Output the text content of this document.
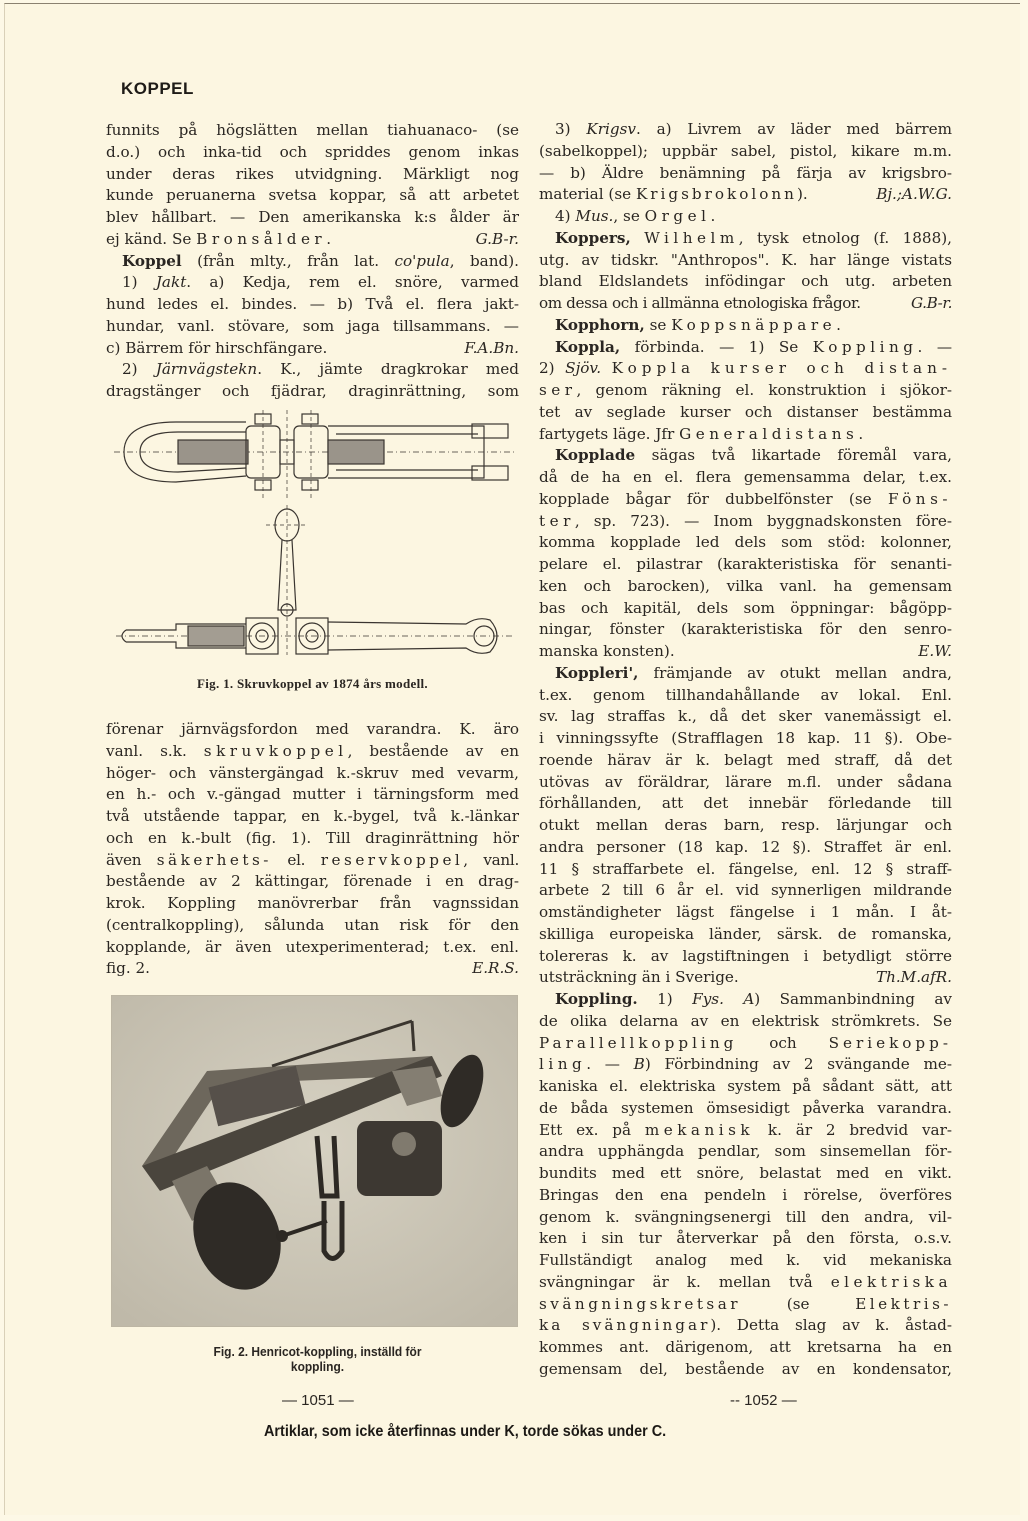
KOPPEL
funnits på högslätten mellan tiahuanaco- (se
d.o.) och inka-tid och spriddes genom inkas
under deras rikes utvidgning. Märkligt nog
kunde peruanerna svetsa koppar, så att arbetet
blev hållbart. — Den amerikanska k:s ålder är
ej känd. Se Bronsålder.	G.B-r.
Koppel (från mlty., från lat. co'pula, band).
1) Jakt. a) Kedja, rem el. snöre, varmed
hund ledes el. bindes. — b) Två el. flera jakt-
hundar, vanl. stövare, som jaga tillsammans. —
c) Bärrem för hirschfängare.	F.A.Bn.
2) Järnvägstekn. K., jämte dragkrokar med
dragstänger och fjädrar, draginrättning, som
Fig. 1. Skruvkoppel av 1874 års modell.
förenar järnvägsfordon med varandra. K. äro
vanl. s.k. skruvkoppel, bestående av en
höger- och vänstergängad k.-skruv med vevarm,
en h.- och v.-gängad mutter i tärningsform med
två utstående tappar, en k.-bygel, två k.-länkar
och en k.-bult (fig. 1). Till draginrättning hör
även säkerhets- el. reservkoppel, vanl.
bestående av 2 kättingar, förenade i en drag-
krok. Koppling manövrerbar från vagnssidan
(centralkoppling), sålunda utan risk för den
kopplande, är även utexperimenterad; t.ex. enl.
fig. 2.	E.R.S.
Fig. 2. Henricot-koppling, inställd för
koppling.
3) Krigsv. a) Livrem av läder med bärrem
(sabelkoppel); uppbär sabel, pistol, kikare m.m.
— b) Äldre benämning på färja av krigsbro-
material (se Krigsbrokolonn).	Bj.;A.W.G.
4) Mus., se Orgel.
Koppers, Wilhelm, tysk etnolog (f. 1888),
utg. av tidskr. "Anthropos". K. har länge vistats
bland Eldslandets infödingar och utg. arbeten
om dessa och i allmänna etnologiska frågor.	G.B-r.
Kopphorn, se Koppsnäppare.
Koppla, förbinda. — 1) Se Koppling. —
2) Sjöv. Koppla kurser och distan-
ser, genom räkning el. konstruktion i sjökor-
tet av seglade kurser och distanser bestämma
fartygets läge. Jfr Generaldistans.
Kopplade sägas två likartade föremål vara,
då de ha en el. flera gemensamma delar, t.ex.
kopplade bågar för dubbelfönster (se Föns-
ter, sp. 723). — Inom byggnadskonsten före-
komma kopplade led dels som stöd: kolonner,
pelare el. pilastrar (karakteristiska för senanti-
ken och barocken), vilka vanl. ha gemensam
bas och kapitäl, dels som öppningar: bågöpp-
ningar, fönster (karakteristiska för den senro-
manska konsten).	E.W.
Koppleri', främjande av otukt mellan andra,
t.ex. genom tillhandahållande av lokal. Enl.
sv. lag straffas k., då det sker vanemässigt el.
i vinningssyfte (Strafflagen 18 kap. 11 §). Obe-
roende härav är k. belagt med straff, då det
utövas av föräldrar, lärare m.fl. under sådana
förhållanden, att det innebär förledande till
otukt mellan deras barn, resp. lärjungar och
andra personer (18 kap. 12 §). Straffet är enl.
11 § straffarbete el. fängelse, enl. 12 § straff-
arbete 2 till 6 år el. vid synnerligen mildrande
omständigheter lägst fängelse i 1 mån. I åt-
skilliga europeiska länder, särsk. de romanska,
tolereras k. av lagstiftningen i betydligt större
utsträckning än i Sverige.	Th.M.afR.
Koppling. 1) Fys. A) Sammanbindning av
de olika delarna av en elektrisk strömkrets. Se
Parallellkoppling och Seriekopp-
ling. — B) Förbindning av 2 svängande me-
kaniska el. elektriska system på sådant sätt, att
de båda systemen ömsesidigt påverka varandra.
Ett ex. på mekanisk k. är 2 bredvid var-
andra upphängda pendlar, som sinsemellan för-
bundits med ett snöre, belastat med en vikt.
Bringas den ena pendeln i rörelse, överföres
genom k. svängningsenergi till den andra, vil-
ken i sin tur återverkar på den första, o.s.v.
Fullständigt analog med k. vid mekaniska
svängningar är k. mellan två elektriska
svängningskretsar (se Elektris-
ka svängningar). Detta slag av k. åstad-
kommes ant. därigenom, att kretsarna ha en
gemensam del, bestående av en kondensator,
— 1051 —	-- 1052 —
Artiklar, som icke återfinnas under K, torde sökas under C.
